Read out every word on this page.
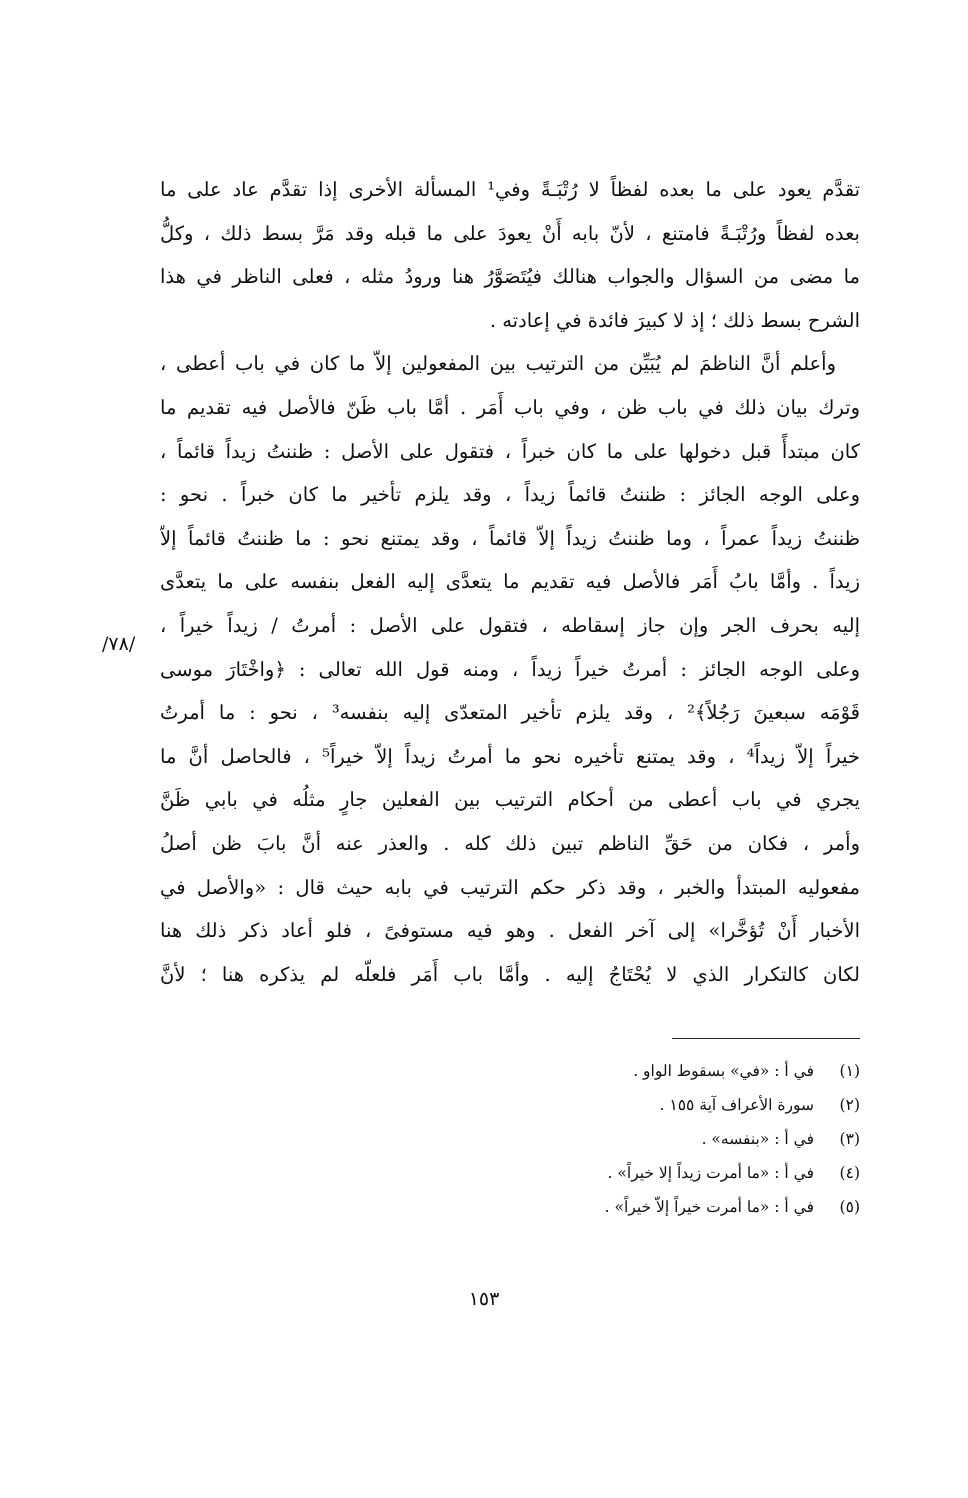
تقدَّم يعود على ما بعده لفظاً لا رُتْبَـةً وفي¹ المسألة الأخرى إذا تقدَّم عاد على ما
بعده لفظاً ورُتْبَـةً فامتنع ، لأنّ بابه أَنْ يعودَ على ما قبله وقد مَرَّ بسط ذلك ، وكلُّ
ما مضى من السؤال والجواب هنالك فيُتَصَوَّرُ هنا ورودُ مثله ، فعلى الناظر في هذا
الشرح بسط ذلك ؛ إذ لا كبيرَ فائدة في إعادته .
وأعلم أنَّ الناظمَ لم يُبَيِّن من الترتيب بين المفعولين إلاّ ما كان في باب أعطى ،
وترك بيان ذلك في باب ظن ، وفي باب أَمَر . أمَّا باب ظَنّ فالأصل فيه تقديم ما
كان مبتدأً قبل دخولها على ما كان خبراً ، فتقول على الأصل : ظننتُ زيداً قائماً ،
وعلى الوجه الجائز : ظننتُ قائماً زيداً ، وقد يلزم تأخير ما كان خبراً . نحو :
ظننتُ زيداً عمراً ، وما ظننتُ زيداً إلاّ قائماً ، وقد يمتنع نحو : ما ظننتُ قائماً إلاّ
زيداً . وأمَّا بابُ أَمَر فالأصل فيه تقديم ما يتعدَّى إليه الفعل بنفسه على ما يتعدَّى
إليه بحرف الجر وإن جاز إسقاطه ، فتقول على الأصل : أمرتُ / زيداً خيراً ،
وعلى الوجه الجائز : أمرتُ خيراً زيداً ، ومنه قول الله تعالى : ﴿واخْتَارَ موسى
قَوْمَه سبعينَ رَجُلاً﴾² ، وقد يلزم تأخير المتعدّى إليه بنفسه³ ، نحو : ما أمرتُ
خيراً إلاّ زيداً⁴ ، وقد يمتنع تأخيره نحو ما أمرتُ زيداً إلاّ خيراً⁵ ، فالحاصل أنَّ ما
يجري في باب أعطى من أحكام الترتيب بين الفعلين جارٍ مثلُه في بابي ظَنَّ
وأمر ، فكان من حَقِّ الناظم تبين ذلك كله . والعذر عنه أنَّ بابَ ظن أصلُ
مفعوليه المبتدأ والخبر ، وقد ذكر حكم الترتيب في بابه حيث قال : «والأصل في
الأخبار أَنْ تُؤخَّرا» إلى آخر الفعل . وهو فيه مستوفىً ، فلو أعاد ذكر ذلك هنا
لكان كالتكرار الذي لا يُحْتَاجُ إليه . وأمَّا باب أَمَر فلعلّه لم يذكره هنا ؛ لأنَّ
/٧٨/
(١)
في أ : «في» بسقوط الواو .
(٢)
سورة الأعراف آية ١٥٥ .
(٣)
في أ : «بنفسه» .
(٤)
في أ : «ما أمرت زيداً إلا خيراً» .
(٥)
في أ : «ما أمرت خيراً إلاّ خيراً» .
١٥٣
